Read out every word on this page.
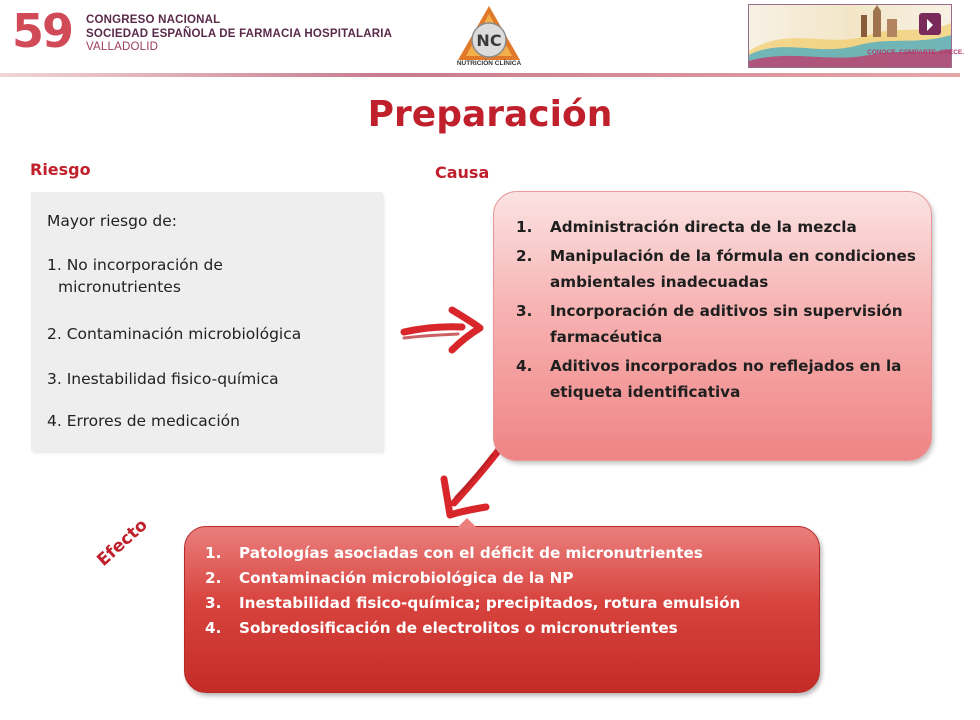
59 CONGRESO NACIONAL
SOCIEDAD ESPAÑOLA DE FARMACIA HOSPITALARIA
VALLADOLID	NC
NUTRICIÓN CLÍNICA
CONOCE. COMPARTE. CRECE.
Preparación
Riesgo	Causa
Efecto
Mayor riesgo de:
1. No incorporación de
micronutrientes
2. Contaminación microbiológica
3. Inestabilidad fisico-química
4. Errores de medicación
1. Administración directa de la mezcla
2. Manipulación de la fórmula en condiciones ambientales inadecuadas
3. Incorporación de aditivos sin supervisión farmacéutica
4. Aditivos incorporados no reflejados en la etiqueta identificativa
1. Patologías asociadas con el déficit de micronutrientes
2. Contaminación microbiológica de la NP
3. Inestabilidad fisico-química; precipitados, rotura emulsión
4. Sobredosificación de electrolitos o micronutrientes
